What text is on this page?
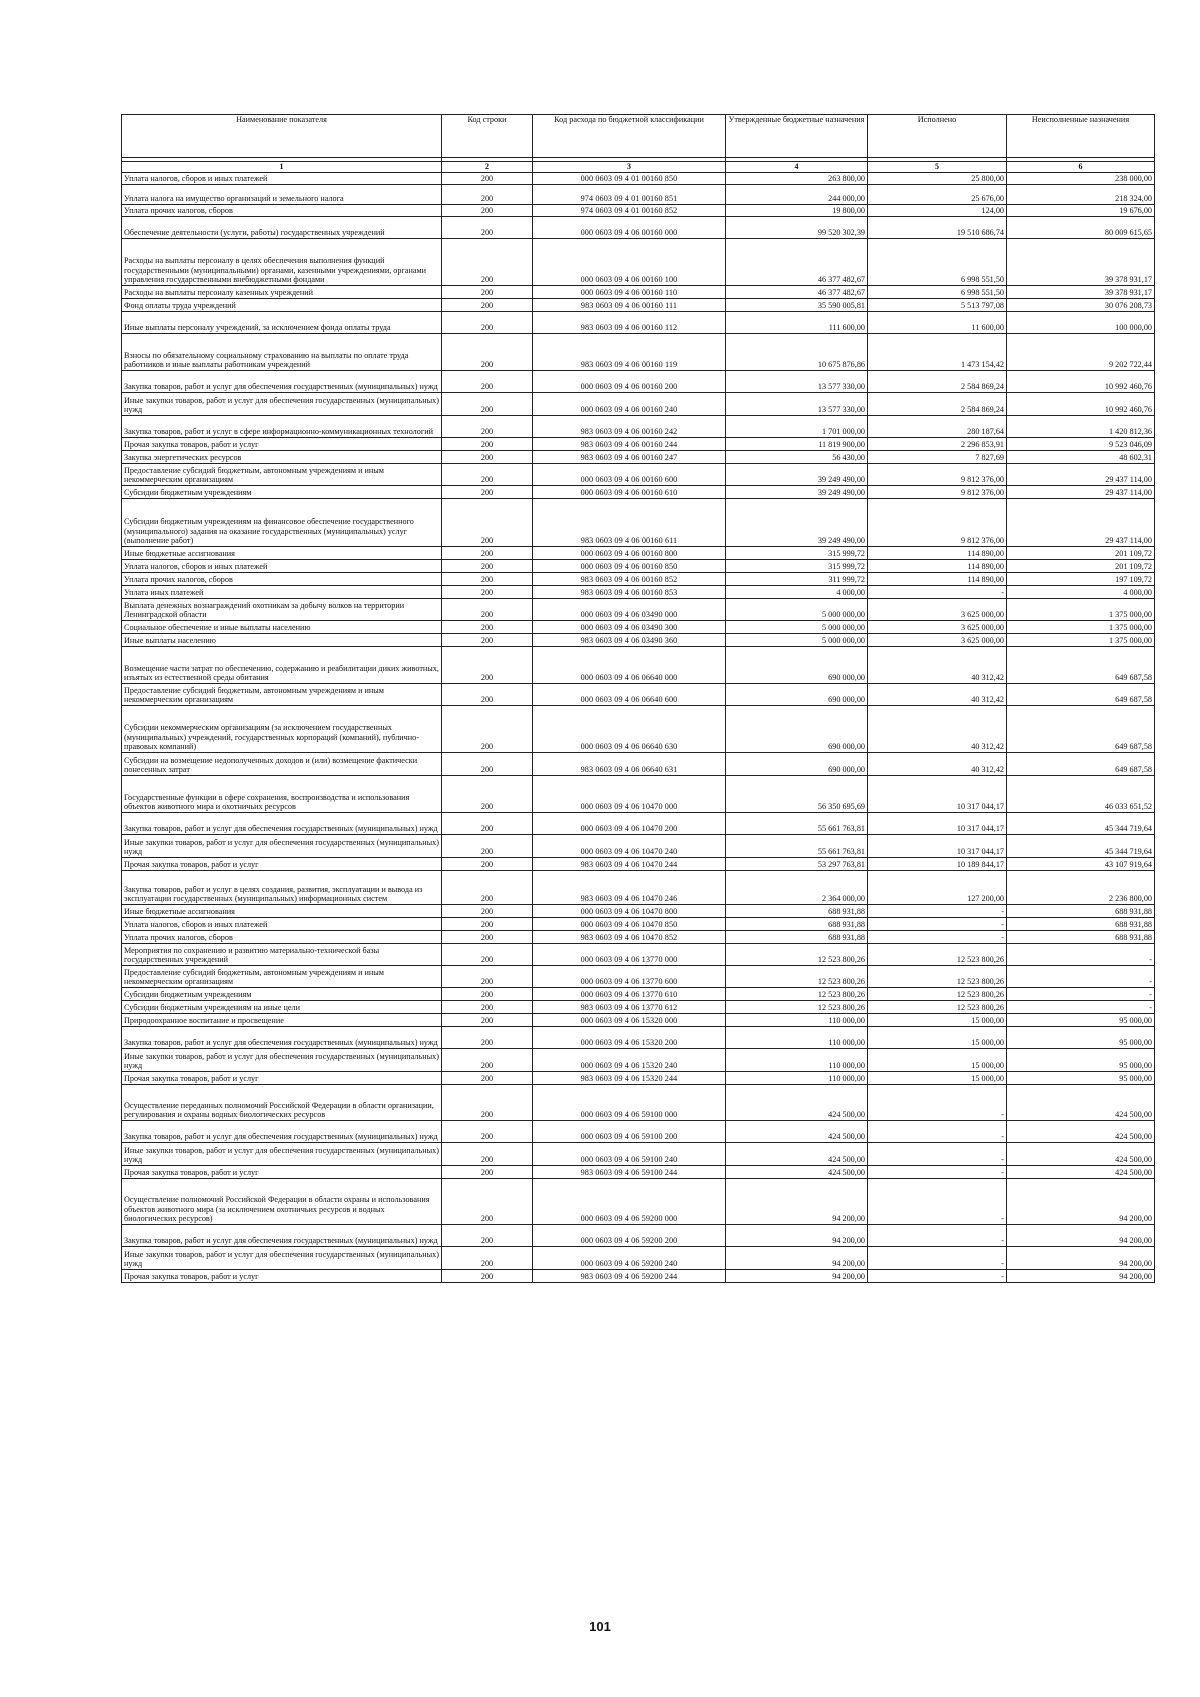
Наименование показателя	Код строки	Код расхода по бюджетной классификации	Утвержденные бюджетные назначения	Исполнено	Неисполненные назначения

1	2	3	4	5	6
Уплата налогов, сборов и иных платежей	200	000 0603 09 4 01 00160 850	263 800,00	25 800,00	238 000,00
Уплата налога на имущество организаций и земельного налога	200	974 0603 09 4 01 00160 851	244 000,00	25 676,00	218 324,00
Уплата прочих налогов, сборов	200	974 0603 09 4 01 00160 852	19 800,00	124,00	19 676,00
Обеспечение деятельности (услуги, работы) государственных учреждений	200	000 0603 09 4 06 00160 000	99 520 302,39	19 510 686,74	80 009 615,65
Расходы на выплаты персоналу в целях обеспечения выполнения функций государственными (муниципальными) органами, казенными учреждениями, органами управления государственными внебюджетными фондами	200	000 0603 09 4 06 00160 100	46 377 482,67	6 998 551,50	39 378 931,17
Расходы на выплаты персоналу казенных учреждений	200	000 0603 09 4 06 00160 110	46 377 482,67	6 998 551,50	39 378 931,17
Фонд оплаты труда учреждений	200	983 0603 09 4 06 00160 111	35 590 005,81	5 513 797,08	30 076 208,73
Иные выплаты персоналу учреждений, за исключением фонда оплаты труда	200	983 0603 09 4 06 00160 112	111 600,00	11 600,00	100 000,00
Взносы по обязательному социальному страхованию на выплаты по оплате труда работников и иные выплаты работникам учреждений	200	983 0603 09 4 06 00160 119	10 675 876,86	1 473 154,42	9 202 722,44
Закупка товаров, работ и услуг для обеспечения государственных (муниципальных) нужд	200	000 0603 09 4 06 00160 200	13 577 330,00	2 584 869,24	10 992 460,76
Иные закупки товаров, работ и услуг для обеспечения государственных (муниципальных) нужд	200	000 0603 09 4 06 00160 240	13 577 330,00	2 584 869,24	10 992 460,76
Закупка товаров, работ и услуг в сфере информационно-коммуникационных технологий	200	983 0603 09 4 06 00160 242	1 701 000,00	280 187,64	1 420 812,36
Прочая закупка товаров, работ и услуг	200	983 0603 09 4 06 00160 244	11 819 900,00	2 296 853,91	9 523 046,09
Закупка энергетических ресурсов	200	983 0603 09 4 06 00160 247	56 430,00	7 827,69	48 602,31
Предоставление субсидий бюджетным, автономным учреждениям и иным некоммерческим организациям	200	000 0603 09 4 06 00160 600	39 249 490,00	9 812 376,00	29 437 114,00
Субсидии бюджетным учреждениям	200	000 0603 09 4 06 00160 610	39 249 490,00	9 812 376,00	29 437 114,00
Субсидии бюджетным учреждениям на финансовое обеспечение государственного (муниципального) задания на оказание государственных (муниципальных) услуг (выполнение работ)	200	983 0603 09 4 06 00160 611	39 249 490,00	9 812 376,00	29 437 114,00
Иные бюджетные ассигнования	200	000 0603 09 4 06 00160 800	315 999,72	114 890,00	201 109,72
Уплата налогов, сборов и иных платежей	200	000 0603 09 4 06 00160 850	315 999,72	114 890,00	201 109,72
Уплата прочих налогов, сборов	200	983 0603 09 4 06 00160 852	311 999,72	114 890,00	197 109,72
Уплата иных платежей	200	983 0603 09 4 06 00160 853	4 000,00	-	4 000,00
Выплата денежных вознаграждений охотникам за добычу волков на территории Ленинградской области	200	000 0603 09 4 06 03490 000	5 000 000,00	3 625 000,00	1 375 000,00
Социальное обеспечение и иные выплаты населению	200	000 0603 09 4 06 03490 300	5 000 000,00	3 625 000,00	1 375 000,00
Иные выплаты населению	200	983 0603 09 4 06 03490 360	5 000 000,00	3 625 000,00	1 375 000,00
Возмещение части затрат по обеспечению, содержанию и реабилитации диких животных, изъятых из естественной среды обитания	200	000 0603 09 4 06 06640 000	690 000,00	40 312,42	649 687,58
Предоставление субсидий бюджетным, автономным учреждениям и иным некоммерческим организациям	200	000 0603 09 4 06 06640 600	690 000,00	40 312,42	649 687,58
Субсидии некоммерческим организациям (за исключением государственных (муниципальных) учреждений, государственных корпораций (компаний), публично-правовых компаний)	200	000 0603 09 4 06 06640 630	690 000,00	40 312,42	649 687,58
Субсидии на возмещение недополученных доходов и (или) возмещение фактически понесенных затрат	200	983 0603 09 4 06 06640 631	690 000,00	40 312,42	649 687,58
Государственные функции в сфере сохранения, воспроизводства и использования объектов животного мира и охотничьих ресурсов	200	000 0603 09 4 06 10470 000	56 350 695,69	10 317 044,17	46 033 651,52
Закупка товаров, работ и услуг для обеспечения государственных (муниципальных) нужд	200	000 0603 09 4 06 10470 200	55 661 763,81	10 317 044,17	45 344 719,64
Иные закупки товаров, работ и услуг для обеспечения государственных (муниципальных) нужд	200	000 0603 09 4 06 10470 240	55 661 763,81	10 317 044,17	45 344 719,64
Прочая закупка товаров, работ и услуг	200	983 0603 09 4 06 10470 244	53 297 763,81	10 189 844,17	43 107 919,64
Закупка товаров, работ и услуг в целях создания, развития, эксплуатации и вывода из эксплуатации государственных (муниципальных) информационных систем	200	983 0603 09 4 06 10470 246	2 364 000,00	127 200,00	2 236 800,00
Иные бюджетные ассигнования	200	000 0603 09 4 06 10470 800	688 931,88	-	688 931,88
Уплата налогов, сборов и иных платежей	200	000 0603 09 4 06 10470 850	688 931,88	-	688 931,88
Уплата прочих налогов, сборов	200	983 0603 09 4 06 10470 852	688 931,88	-	688 931,88
Мероприятия по сохранению и развитию материально-технической базы государственных учреждений	200	000 0603 09 4 06 13770 000	12 523 800,26	12 523 800,26	-
Предоставление субсидий бюджетным, автономным учреждениям и иным некоммерческим организациям	200	000 0603 09 4 06 13770 600	12 523 800,26	12 523 800,26	-
Субсидии бюджетным учреждениям	200	000 0603 09 4 06 13770 610	12 523 800,26	12 523 800,26	-
Субсидии бюджетным учреждениям на иные цели	200	983 0603 09 4 06 13770 612	12 523 800,26	12 523 800,26	-
Природоохранное воспитание и просвещение	200	000 0603 09 4 06 15320 000	110 000,00	15 000,00	95 000,00
Закупка товаров, работ и услуг для обеспечения государственных (муниципальных) нужд	200	000 0603 09 4 06 15320 200	110 000,00	15 000,00	95 000,00
Иные закупки товаров, работ и услуг для обеспечения государственных (муниципальных) нужд	200	000 0603 09 4 06 15320 240	110 000,00	15 000,00	95 000,00
Прочая закупка товаров, работ и услуг	200	983 0603 09 4 06 15320 244	110 000,00	15 000,00	95 000,00
Осуществление переданных полномочий Российской Федерации в области организации, регулирования и охраны водных биологических ресурсов	200	000 0603 09 4 06 59100 000	424 500,00	-	424 500,00
Закупка товаров, работ и услуг для обеспечения государственных (муниципальных) нужд	200	000 0603 09 4 06 59100 200	424 500,00	-	424 500,00
Иные закупки товаров, работ и услуг для обеспечения государственных (муниципальных) нужд	200	000 0603 09 4 06 59100 240	424 500,00	-	424 500,00
Прочая закупка товаров, работ и услуг	200	983 0603 09 4 06 59100 244	424 500,00	-	424 500,00
Осуществление полномочий Российской Федерации в области охраны и использования объектов животного мира (за исключением охотничьих ресурсов и водных биологических ресурсов)	200	000 0603 09 4 06 59200 000	94 200,00	-	94 200,00
Закупка товаров, работ и услуг для обеспечения государственных (муниципальных) нужд	200	000 0603 09 4 06 59200 200	94 200,00	-	94 200,00
Иные закупки товаров, работ и услуг для обеспечения государственных (муниципальных) нужд	200	000 0603 09 4 06 59200 240	94 200,00	-	94 200,00
Прочая закупка товаров, работ и услуг	200	983 0603 09 4 06 59200 244	94 200,00	-	94 200,00
101
